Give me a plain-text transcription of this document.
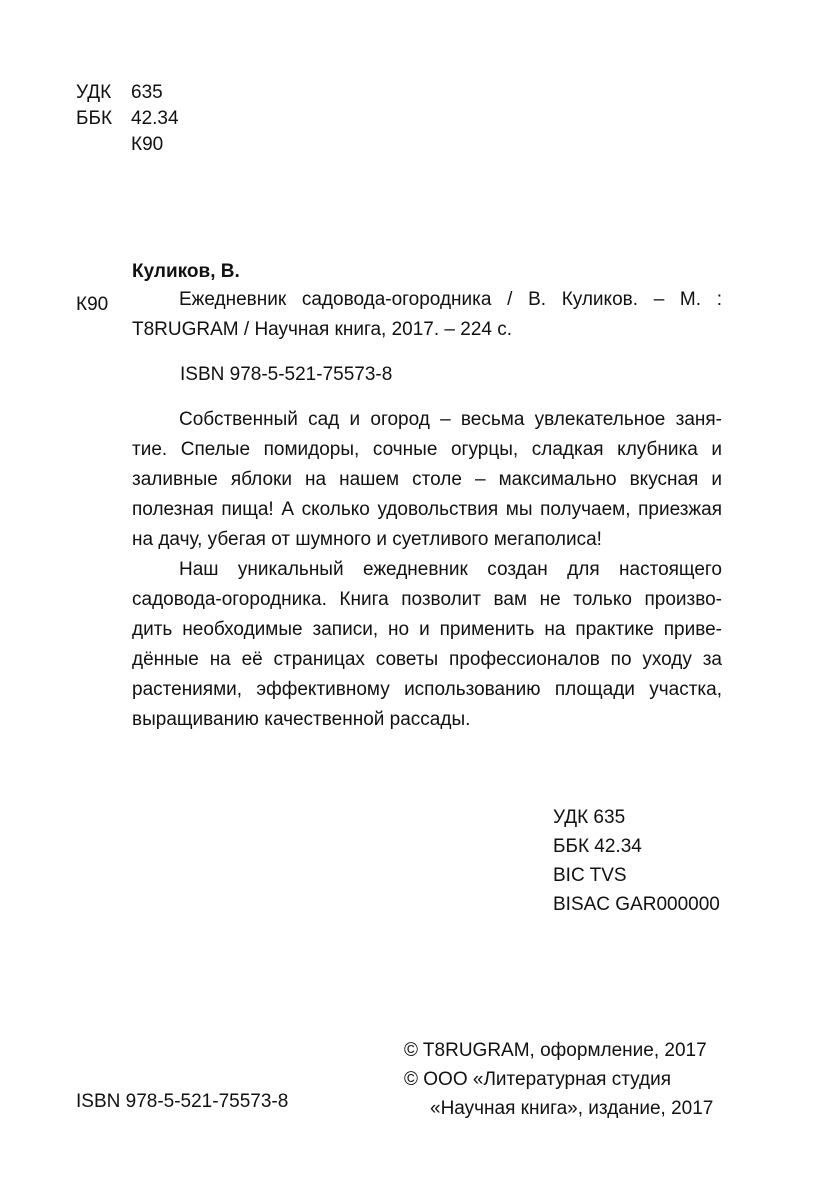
УДК 635
ББК 42.34
К90
Куликов, В.
К90	Ежедневник садовода-огородника / В. Куликов. – М. :
T8RUGRAM / Научная книга, 2017. – 224 с.
ISBN 978-5-521-75573-8
Собственный сад и огород – весьма увлекательное заня-
тие. Спелые помидоры, сочные огурцы, сладкая клубника и
заливные яблоки на нашем столе – максимально вкусная и
полезная пища! А сколько удовольствия мы получаем, приезжая
на дачу, убегая от шумного и суетливого мегаполиса!
Наш уникальный ежедневник создан для настоящего
садовода-огородника. Книга позволит вам не только произво-
дить необходимые записи, но и применить на практике приве-
дённые на её страницах советы профессионалов по уходу за
растениями, эффективному использованию площади участка,
выращиванию качественной рассады.
УДК 635
ББК 42.34
BIC TVS
BISAC GAR000000
© T8RUGRAM, оформление, 2017
© ООО «Литературная студия
«Научная книга», издание, 2017
ISBN 978-5-521-75573-8
